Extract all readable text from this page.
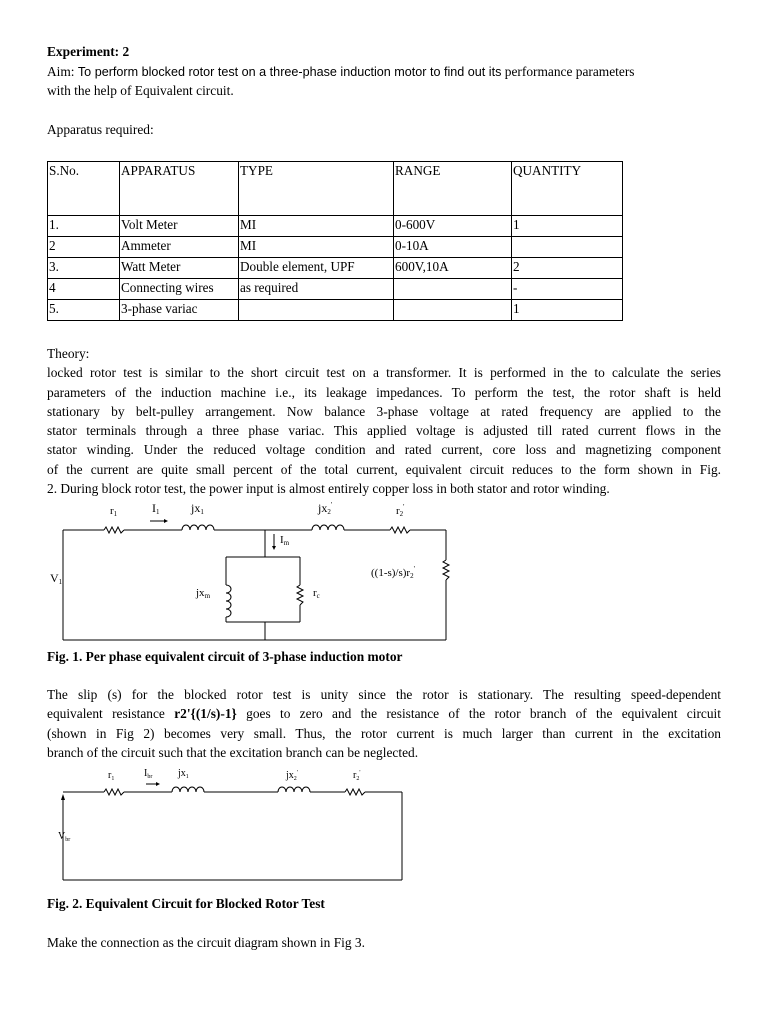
Experiment: 2
Aim: To perform blocked rotor test on a three-phase induction motor to find out its performance parameters
with the help of Equivalent circuit.
Apparatus required:
S.No.	APPARATUS	TYPE	RANGE	QUANTITY
1.	Volt Meter	MI	0-600V	1
2	Ammeter	MI	0-10A	
3.	Watt Meter	Double element, UPF	600V,10A	2
4	Connecting wires	as required		-
5.	3-phase variac			1
Theory:
locked rotor test is similar to the short circuit test on a transformer. It is performed in the to calculate the series
parameters of the induction machine i.e., its leakage impedances. To perform the test, the rotor shaft is held
stationary by belt-pulley arrangement. Now balance 3-phase voltage at rated frequency are applied to the
stator terminals through a three phase variac. This applied voltage is adjusted till rated current flows in the
stator winding. Under the reduced voltage condition and rated current, core loss and magnetizing component
of the current are quite small percent of the total current, equivalent circuit reduces to the form shown in Fig.
2. During block rotor test, the power input is almost entirely copper loss in both stator and rotor winding.
Fig. 1. Per phase equivalent circuit of 3-phase induction motor
The slip (s) for the blocked rotor test is unity since the rotor is stationary. The resulting speed-dependent
equivalent resistance r2'{(1/s)-1} goes to zero and the resistance of the rotor branch of the equivalent circuit
(shown in Fig 2) becomes very small. Thus, the rotor current is much larger than current in the excitation
branch of the circuit such that the excitation branch can be neglected.
Fig. 2. Equivalent Circuit for Blocked Rotor Test
Make the connection as the circuit diagram shown in Fig 3.
r1	I1	jx1	jx2'	r2'
Im
V1
jxm	rc
((1-s)/s)r2'
$r_1$	$I_{br}$	$jx_1$	$jx_2'$	$r_2'$
$V_{br}$
